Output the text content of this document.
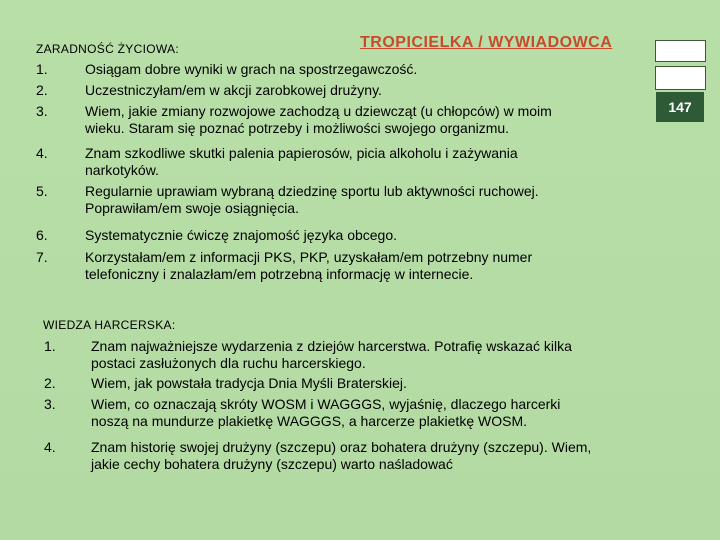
TROPICIELKA / WYWIADOWCA
147
ZARADNOŚĆ ŻYCIOWA:
1.	Osiągam dobre wyniki w grach na spostrzegawczość.
2.	Uczestniczyłam/em w akcji zarobkowej drużyny.
3.	Wiem, jakie zmiany rozwojowe zachodzą u dziewcząt (u chłopców) w moim
wieku. Staram się poznać potrzeby i możliwości swojego organizmu.
4.	Znam szkodliwe skutki palenia papierosów, picia alkoholu i zażywania
narkotyków.
5.	Regularnie uprawiam wybraną dziedzinę sportu lub aktywności ruchowej.
Poprawiłam/em swoje osiągnięcia.
6.	Systematycznie ćwiczę znajomość języka obcego.
7.	Korzystałam/em z informacji PKS, PKP, uzyskałam/em potrzebny numer
telefoniczny i znalazłam/em potrzebną informację w internecie.
WIEDZA HARCERSKA:
1.	Znam najważniejsze wydarzenia z dziejów harcerstwa. Potrafię wskazać kilka
postaci zasłużonych dla ruchu harcerskiego.
2.	Wiem, jak powstała tradycja Dnia Myśli Braterskiej.
3.	Wiem, co oznaczają skróty WOSM i WAGGGS, wyjaśnię, dlaczego harcerki
noszą na mundurze plakietkę WAGGGS, a harcerze plakietkę WOSM.
4.	Znam historię swojej drużyny (szczepu) oraz bohatera drużyny (szczepu). Wiem,
jakie cechy bohatera drużyny (szczepu) warto naśladować
